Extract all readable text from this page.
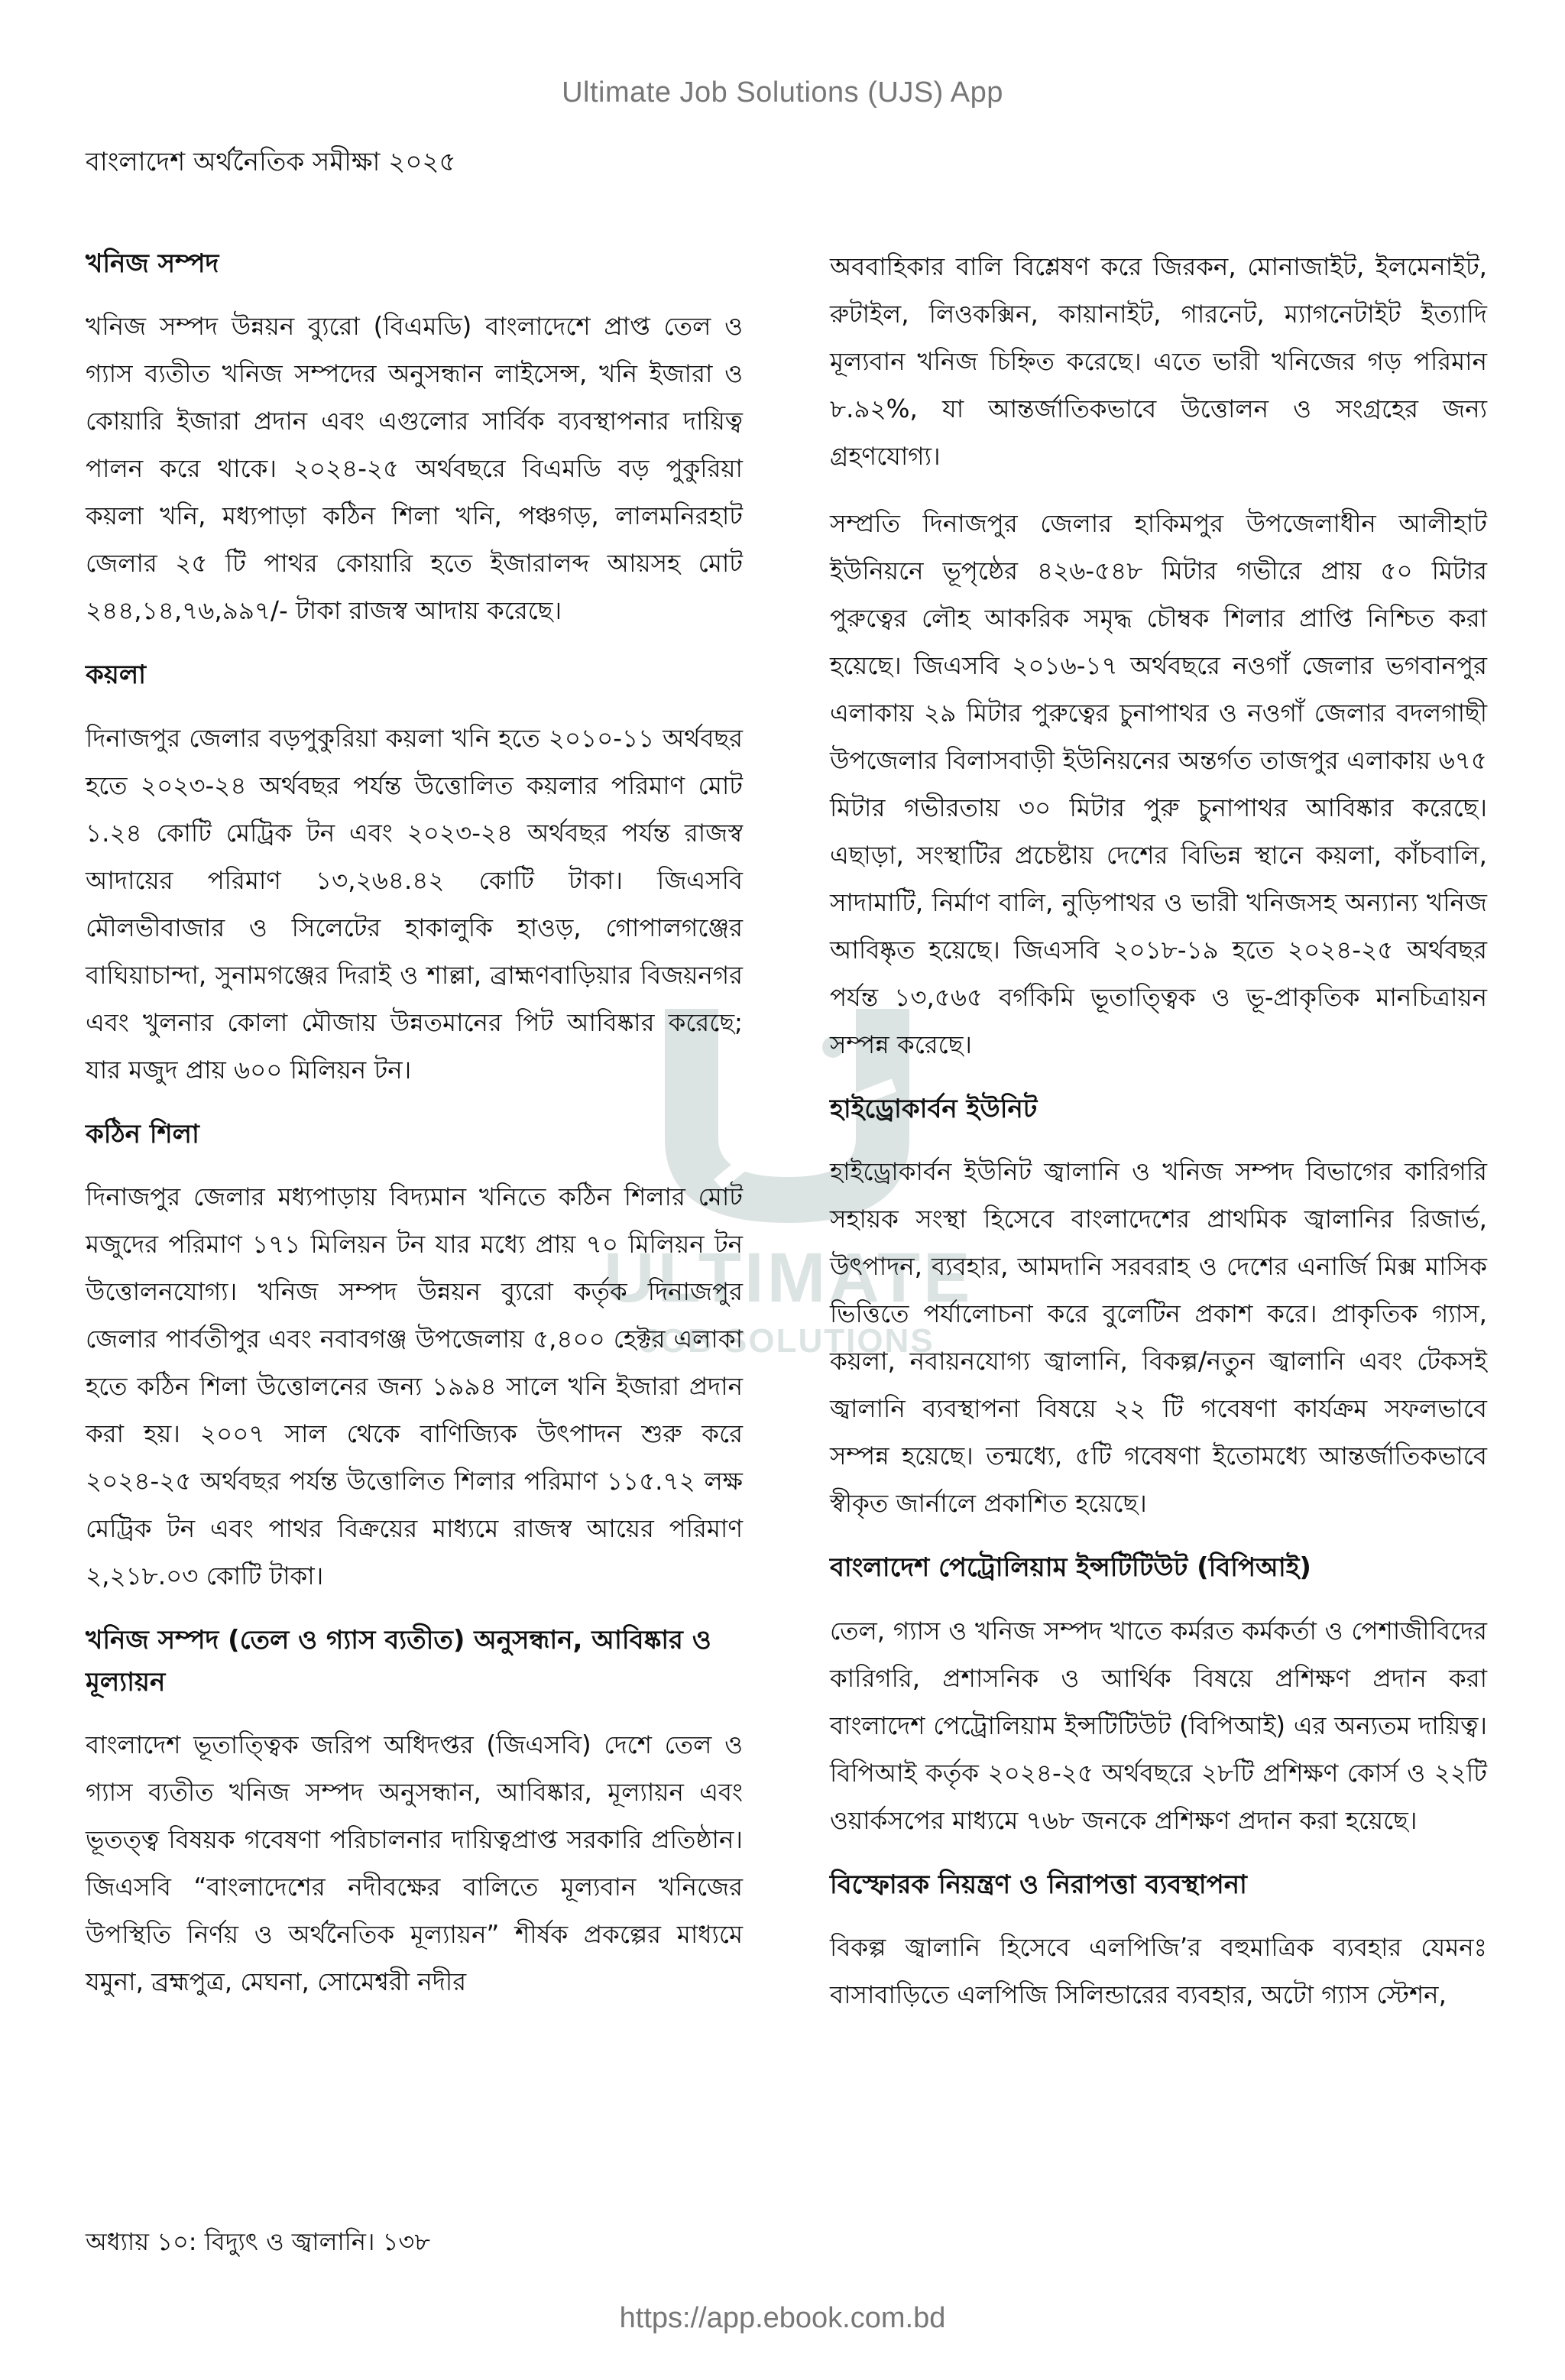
Ultimate Job Solutions (UJS) App
বাংলাদেশ অর্থনৈতিক সমীক্ষা ২০২৫
ULTIMATE
JOB SOLUTIONS
খনিজ সম্পদ

খনিজ সম্পদ উন্নয়ন ব্যুরো (বিএমডি) বাংলাদেশে প্রাপ্ত তেল ও গ্যাস ব্যতীত খনিজ সম্পদের অনুসন্ধান লাইসেন্স, খনি ইজারা ও কোয়ারি ইজারা প্রদান এবং এগুলোর সার্বিক ব্যবস্থাপনার দায়িত্ব পালন করে থাকে। ২০২৪-২৫ অর্থবছরে বিএমডি বড় পুকুরিয়া কয়লা খনি, মধ্যপাড়া কঠিন শিলা খনি, পঞ্চগড়, লালমনিরহাট জেলার ২৫ টি পাথর কোয়ারি হতে ইজারালব্দ আয়সহ মোট ২৪৪,১৪,৭৬,৯৯৭/- টাকা রাজস্ব আদায় করেছে।

কয়লা

দিনাজপুর জেলার বড়পুকুরিয়া কয়লা খনি হতে ২০১০-১১ অর্থবছর হতে ২০২৩-২৪ অর্থবছর পর্যন্ত উত্তোলিত কয়লার পরিমাণ মোট ১.২৪ কোটি মেট্রিক টন এবং ২০২৩-২৪ অর্থবছর পর্যন্ত রাজস্ব আদায়ের পরিমাণ ১৩,২৬৪.৪২ কোটি টাকা। জিএসবি মৌলভীবাজার ও সিলেটের হাকালুকি হাওড়, গোপালগঞ্জের বাঘিয়াচান্দা, সুনামগঞ্জের দিরাই ও শাল্লা, ব্রাহ্মণবাড়িয়ার বিজয়নগর এবং খুলনার কোলা মৌজায় উন্নতমানের পিট আবিষ্কার করেছে; যার মজুদ প্রায় ৬০০ মিলিয়ন টন।

কঠিন শিলা

দিনাজপুর জেলার মধ্যপাড়ায় বিদ্যমান খনিতে কঠিন শিলার মোট মজুদের পরিমাণ ১৭১ মিলিয়ন টন যার মধ্যে প্রায় ৭০ মিলিয়ন টন উত্তোলনযোগ্য। খনিজ সম্পদ উন্নয়ন ব্যুরো কর্তৃক দিনাজপুর জেলার পার্বতীপুর এবং নবাবগঞ্জ উপজেলায় ৫,৪০০ হেক্টর এলাকা হতে কঠিন শিলা উত্তোলনের জন্য ১৯৯৪ সালে খনি ইজারা প্রদান করা হয়। ২০০৭ সাল থেকে বাণিজ্যিক উৎপাদন শুরু করে ২০২৪-২৫ অর্থবছর পর্যন্ত উত্তোলিত শিলার পরিমাণ ১১৫.৭২ লক্ষ মেট্রিক টন এবং পাথর বিক্রয়ের মাধ্যমে রাজস্ব আয়ের পরিমাণ ২,২১৮.০৩ কোটি টাকা।

খনিজ সম্পদ (তেল ও গ্যাস ব্যতীত) অনুসন্ধান, আবিষ্কার ও মূল্যায়ন

বাংলাদেশ ভূতাত্ত্বিক জরিপ অধিদপ্তর (জিএসবি) দেশে তেল ও গ্যাস ব্যতীত খনিজ সম্পদ অনুসন্ধান, আবিষ্কার, মূল্যায়ন এবং ভূতত্ত্ব বিষয়ক গবেষণা পরিচালনার দায়িত্বপ্রাপ্ত সরকারি প্রতিষ্ঠান। জিএসবি “বাংলাদেশের নদীবক্ষের বালিতে মূল্যবান খনিজের উপস্থিতি নির্ণয় ও অর্থনৈতিক মূল্যায়ন” শীর্ষক প্রকল্পের মাধ্যমে যমুনা, ব্রহ্মপুত্র, মেঘনা, সোমেশ্বরী নদীর

অববাহিকার বালি বিশ্লেষণ করে জিরকন, মোনাজাইট, ইলমেনাইট, রুটাইল, লিওকক্সিন, কায়ানাইট, গারনেট, ম্যাগনেটাইট ইত্যাদি মূল্যবান খনিজ চিহ্নিত করেছে। এতে ভারী খনিজের গড় পরিমান ৮.৯২%, যা আন্তর্জাতিকভাবে উত্তোলন ও সংগ্রহের জন্য গ্রহণযোগ্য।

সম্প্রতি দিনাজপুর জেলার হাকিমপুর উপজেলাধীন আলীহাট ইউনিয়নে ভূপৃষ্ঠের ৪২৬-৫৪৮ মিটার গভীরে প্রায় ৫০ মিটার পুরুত্বের লৌহ আকরিক সমৃদ্ধ চৌম্বক শিলার প্রাপ্তি নিশ্চিত করা হয়েছে। জিএসবি ২০১৬-১৭ অর্থবছরে নওগাঁ জেলার ভগবানপুর এলাকায় ২৯ মিটার পুরুত্বের চুনাপাথর ও নওগাঁ জেলার বদলগাছী উপজেলার বিলাসবাড়ী ইউনিয়নের অন্তর্গত তাজপুর এলাকায় ৬৭৫ মিটার গভীরতায় ৩০ মিটার পুরু চুনাপাথর আবিষ্কার করেছে। এছাড়া, সংস্থাটির প্রচেষ্টায় দেশের বিভিন্ন স্থানে কয়লা, কাঁচবালি, সাদামাটি, নির্মাণ বালি, নুড়িপাথর ও ভারী খনিজসহ অন্যান্য খনিজ আবিষ্কৃত হয়েছে। জিএসবি ২০১৮-১৯ হতে ২০২৪-২৫ অর্থবছর পর্যন্ত ১৩,৫৬৫ বর্গকিমি ভূতাত্ত্বিক ও ভূ-প্রাকৃতিক মানচিত্রায়ন সম্পন্ন করেছে।

হাইড্রোকার্বন ইউনিট

হাইড্রোকার্বন ইউনিট জ্বালানি ও খনিজ সম্পদ বিভাগের কারিগরি সহায়ক সংস্থা হিসেবে বাংলাদেশের প্রাথমিক জ্বালানির রিজার্ভ, উৎপাদন, ব্যবহার, আমদানি সরবরাহ ও দেশের এনার্জি মিক্স মাসিক ভিত্তিতে পর্যালোচনা করে বুলেটিন প্রকাশ করে। প্রাকৃতিক গ্যাস, কয়লা, নবায়নযোগ্য জ্বালানি, বিকল্প/নতুন জ্বালানি এবং টেকসই জ্বালানি ব্যবস্থাপনা বিষয়ে ২২ টি গবেষণা কার্যক্রম সফলভাবে সম্পন্ন হয়েছে। তন্মধ্যে, ৫টি গবেষণা ইতোমধ্যে আন্তর্জাতিকভাবে স্বীকৃত জার্নালে প্রকাশিত হয়েছে।

বাংলাদেশ পেট্রোলিয়াম ইন্সটিটিউট (বিপিআই)

তেল, গ্যাস ও খনিজ সম্পদ খাতে কর্মরত কর্মকর্তা ও পেশাজীবিদের কারিগরি, প্রশাসনিক ও আর্থিক বিষয়ে প্রশিক্ষণ প্রদান করা বাংলাদেশ পেট্রোলিয়াম ইন্সটিটিউট (বিপিআই) এর অন্যতম দায়িত্ব। বিপিআই কর্তৃক ২০২৪-২৫ অর্থবছরে ২৮টি প্রশিক্ষণ কোর্স ও ২২টি ওয়ার্কসপের মাধ্যমে ৭৬৮ জনকে প্রশিক্ষণ প্রদান করা হয়েছে।

বিস্ফোরক নিয়ন্ত্রণ ও নিরাপত্তা ব্যবস্থাপনা

বিকল্প জ্বালানি হিসেবে এলপিজি’র বহুমাত্রিক ব্যবহার যেমনঃ বাসাবাড়িতে এলপিজি সিলিন্ডারের ব্যবহার, অটো গ্যাস স্টেশন,

অধ্যায় ১০: বিদ্যুৎ ও জ্বালানি। ১৩৮
https://app.ebook.com.bd
